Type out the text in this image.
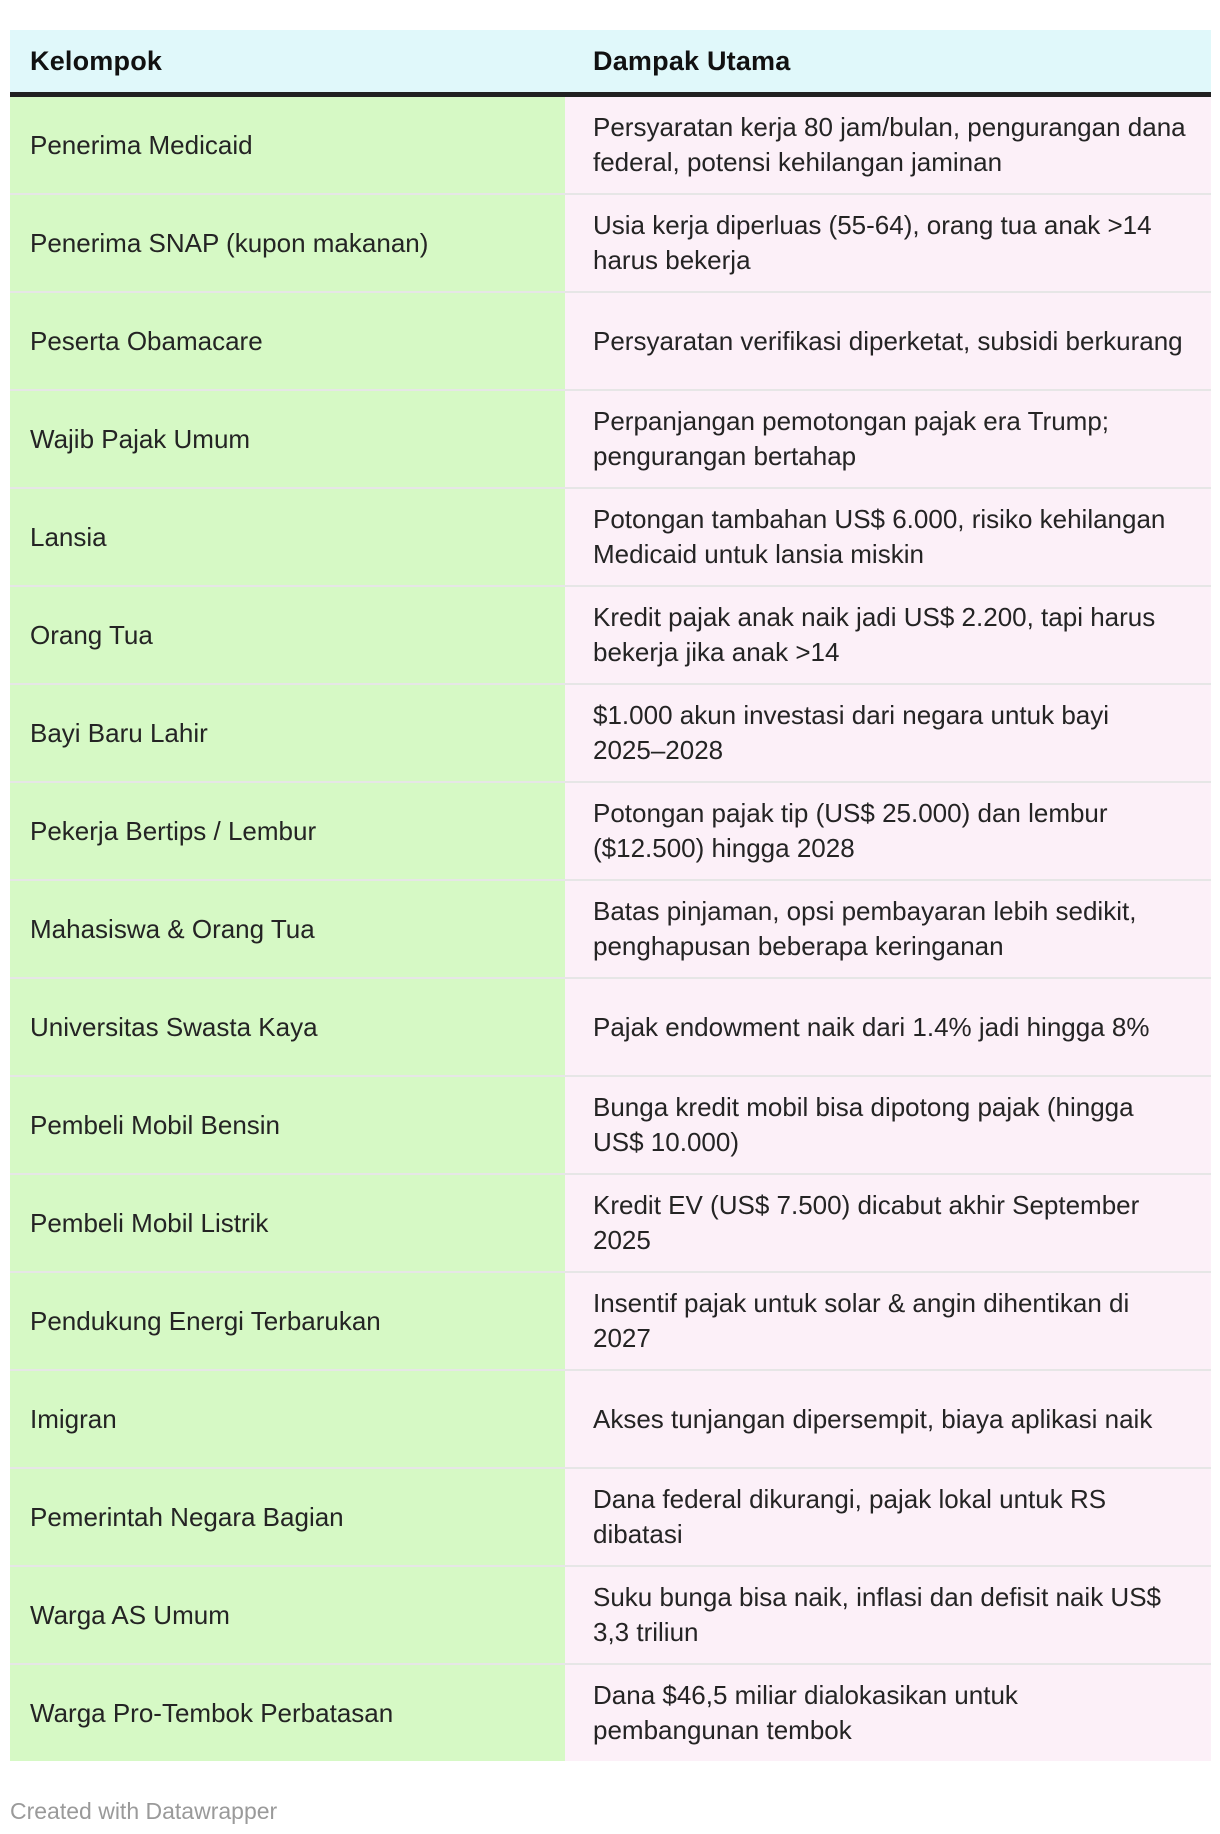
Kelompok	Dampak Utama
Penerima Medicaid	Persyaratan kerja 80 jam/bulan, pengurangan dana federal, potensi kehilangan jaminan
Penerima SNAP (kupon makanan)	Usia kerja diperluas (55-64), orang tua anak >14 harus bekerja
Peserta Obamacare	Persyaratan verifikasi diperketat, subsidi berkurang
Wajib Pajak Umum	Perpanjangan pemotongan pajak era Trump; pengurangan bertahap
Lansia	Potongan tambahan US$ 6.000, risiko kehilangan Medicaid untuk lansia miskin
Orang Tua	Kredit pajak anak naik jadi US$ 2.200, tapi harus bekerja jika anak >14
Bayi Baru Lahir	$1.000 akun investasi dari negara untuk bayi 2025–2028
Pekerja Bertips / Lembur	Potongan pajak tip (US$ 25.000) dan lembur ($12.500) hingga 2028
Mahasiswa & Orang Tua	Batas pinjaman, opsi pembayaran lebih sedikit, penghapusan beberapa keringanan
Universitas Swasta Kaya	Pajak endowment naik dari 1.4% jadi hingga 8%
Pembeli Mobil Bensin	Bunga kredit mobil bisa dipotong pajak (hingga US$ 10.000)
Pembeli Mobil Listrik	Kredit EV (US$ 7.500) dicabut akhir September 2025
Pendukung Energi Terbarukan	Insentif pajak untuk solar & angin dihentikan di 2027
Imigran	Akses tunjangan dipersempit, biaya aplikasi naik
Pemerintah Negara Bagian	Dana federal dikurangi, pajak lokal untuk RS dibatasi
Warga AS Umum	Suku bunga bisa naik, inflasi dan defisit naik US$ 3,3 triliun
Warga Pro-Tembok Perbatasan	Dana $46,5 miliar dialokasikan untuk pembangunan tembok
Created with Datawrapper
